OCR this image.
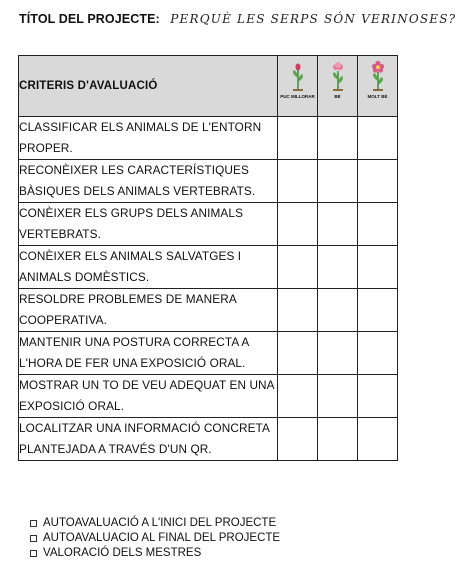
TÍTOL DEL PROJECTE: PERQUÈ LES SERPS SÓN VERINOSES?
CRITERIS D'AVALUACIÓ	PUC MILLORAR	BÉ	MOLT BÉ

CLASSIFICAR ELS ANIMALS DE L'ENTORN PROPER.			
RECONÈIXER LES CARACTERÍSTIQUES BÀSIQUES DELS ANIMALS VERTEBRATS.			
CONÈIXER ELS GRUPS DELS ANIMALS VERTEBRATS.			
CONÈIXER ELS ANIMALS SALVATGES I ANIMALS DOMÈSTICS.			
RESOLDRE PROBLEMES DE MANERA COOPERATIVA.			
MANTENIR UNA POSTURA CORRECTA A L'HORA DE FER UNA EXPOSICIÓ ORAL.			
MOSTRAR UN TO DE VEU ADEQUAT EN UNA EXPOSICIÓ ORAL.			
LOCALITZAR UNA INFORMACIÓ CONCRETA PLANTEJADA A TRAVÉS D'UN QR.			
AUTOAVALUACIÓ A L'INICI DEL PROJECTE
AUTOAVALUACIO AL FINAL DEL PROJECTE
VALORACIÓ DELS MESTRES
